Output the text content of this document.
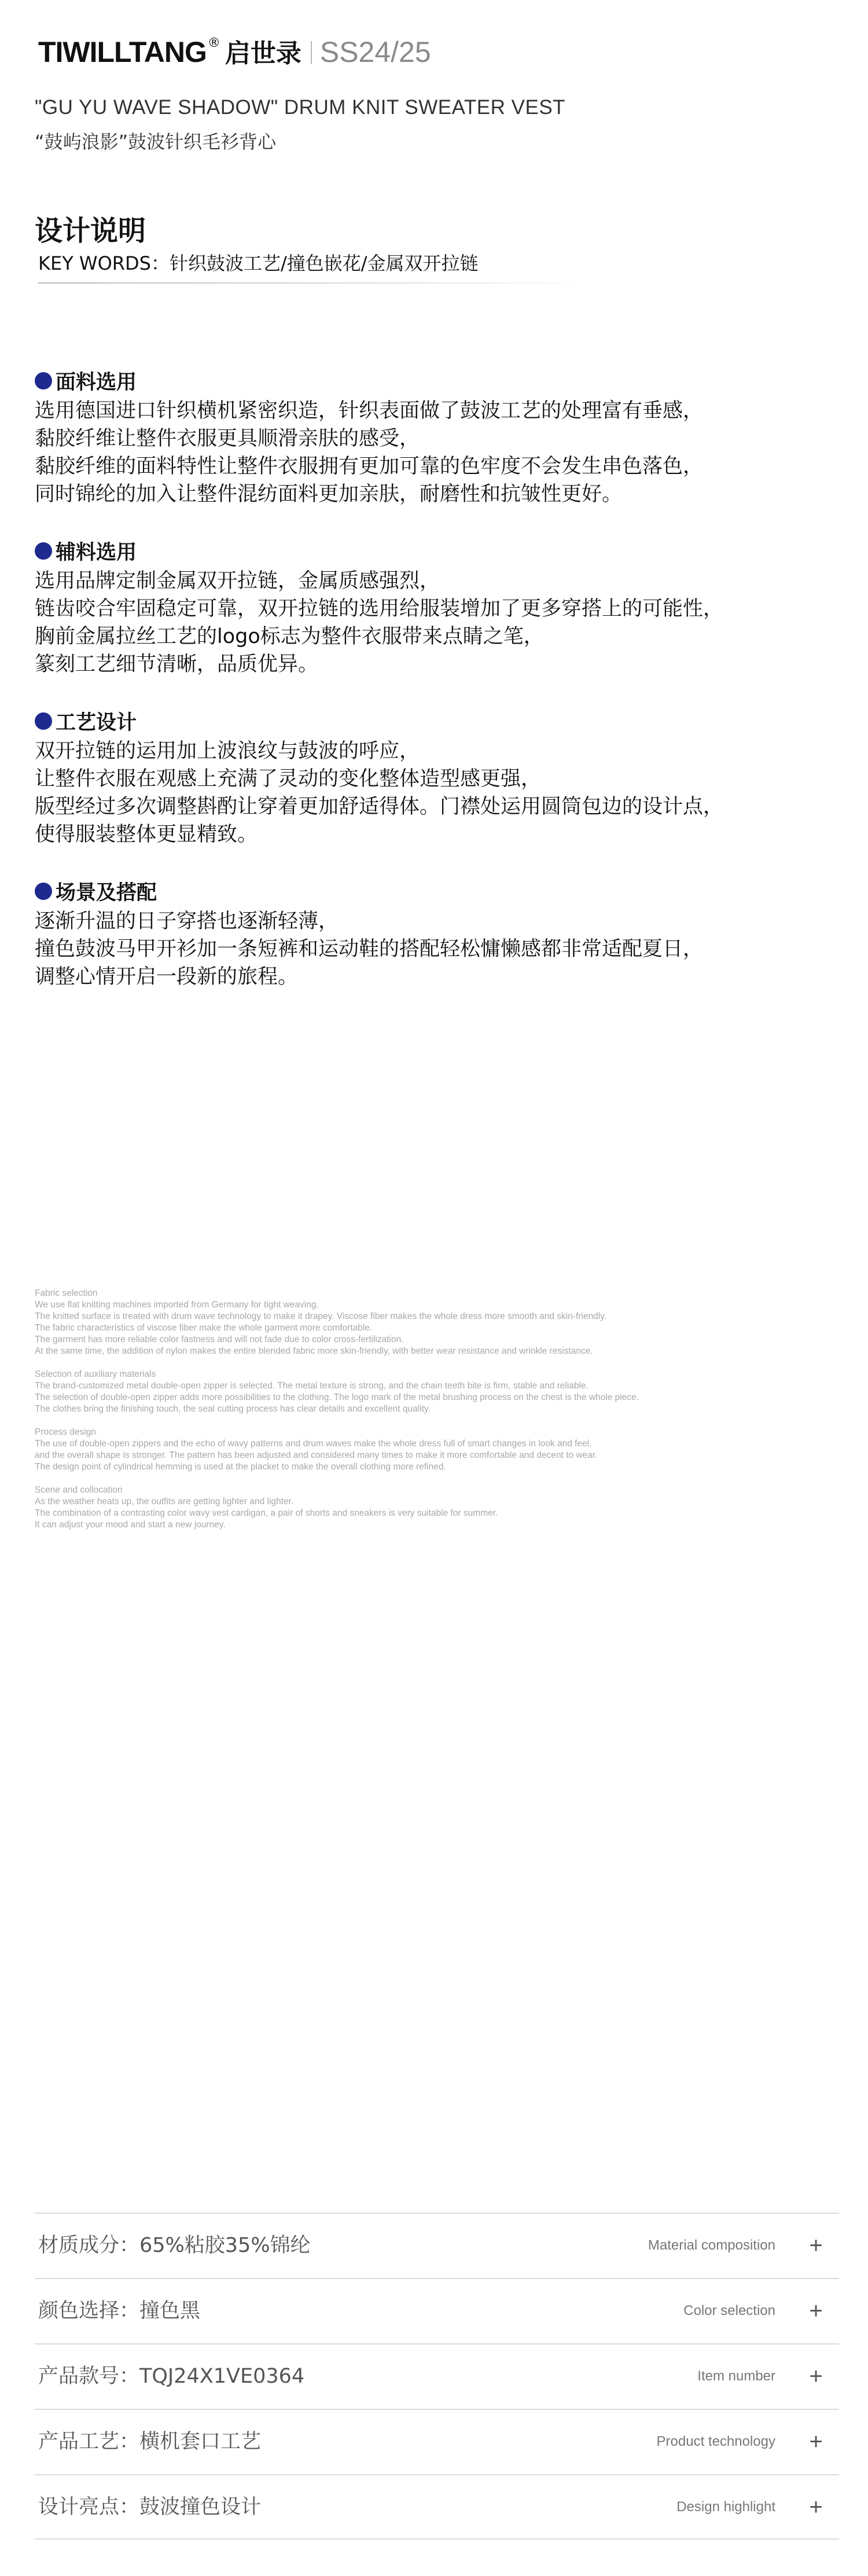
TIWILLTANG ® 启世录 SS24/25
"GU YU WAVE SHADOW" DRUM KNIT SWEATER VEST
“鼓屿浪影”鼓波针织毛衫背心
设计说明
KEY WORDS：针织鼓波工艺/撞色嵌花/金属双开拉链
面料选用
选用德国进口针织横机紧密织造，针织表面做了鼓波工艺的处理富有垂感，
黏胶纤维让整件衣服更具顺滑亲肤的感受，
黏胶纤维的面料特性让整件衣服拥有更加可靠的色牢度不会发生串色落色，
同时锦纶的加入让整件混纺面料更加亲肤，耐磨性和抗皱性更好。
辅料选用
选用品牌定制金属双开拉链，金属质感强烈，
链齿咬合牢固稳定可靠，双开拉链的选用给服装增加了更多穿搭上的可能性，
胸前金属拉丝工艺的logo标志为整件衣服带来点睛之笔，
篆刻工艺细节清晰，品质优异。
工艺设计
双开拉链的运用加上波浪纹与鼓波的呼应，
让整件衣服在观感上充满了灵动的变化整体造型感更强，
版型经过多次调整斟酌让穿着更加舒适得体。门襟处运用圆筒包边的设计点，
使得服装整体更显精致。
场景及搭配
逐渐升温的日子穿搭也逐渐轻薄，
撞色鼓波马甲开衫加一条短裤和运动鞋的搭配轻松慵懒感都非常适配夏日，
调整心情开启一段新的旅程。
Fabric selection
We use flat knitting machines imported from Germany for tight weaving.
The knitted surface is treated with drum wave technology to make it drapey. Viscose fiber makes the whole dress more smooth and skin-friendly.
The fabric characteristics of viscose fiber make the whole garment more comfortable.
The garment has more reliable color fastness and will not fade due to color cross-fertilization.
At the same time, the addition of nylon makes the entire blended fabric more skin-friendly, with better wear resistance and wrinkle resistance.
Selection of auxiliary materials
The brand-customized metal double-open zipper is selected. The metal texture is strong, and the chain teeth bite is firm, stable and reliable.
The selection of double-open zipper adds more possibilities to the clothing. The logo mark of the metal brushing process on the chest is the whole piece.
The clothes bring the finishing touch, the seal cutting process has clear details and excellent quality.
Process design
The use of double-open zippers and the echo of wavy patterns and drum waves make the whole dress full of smart changes in look and feel,
and the overall shape is stronger. The pattern has been adjusted and considered many times to make it more comfortable and decent to wear.
The design point of cylindrical hemming is used at the placket to make the overall clothing more refined.
Scene and collocation
As the weather heats up, the outfits are getting lighter and lighter.
The combination of a contrasting color wavy vest cardigan, a pair of shorts and sneakers is very suitable for summer.
It can adjust your mood and start a new journey.
材质成分：65%粘胶35%锦纶	Material composition +
颜色选择：撞色黑	Color selection +
产品款号：TQJ24X1VE0364	Item number +
产品工艺：横机套口工艺	Product technology +
设计亮点：鼓波撞色设计	Design highlight +
